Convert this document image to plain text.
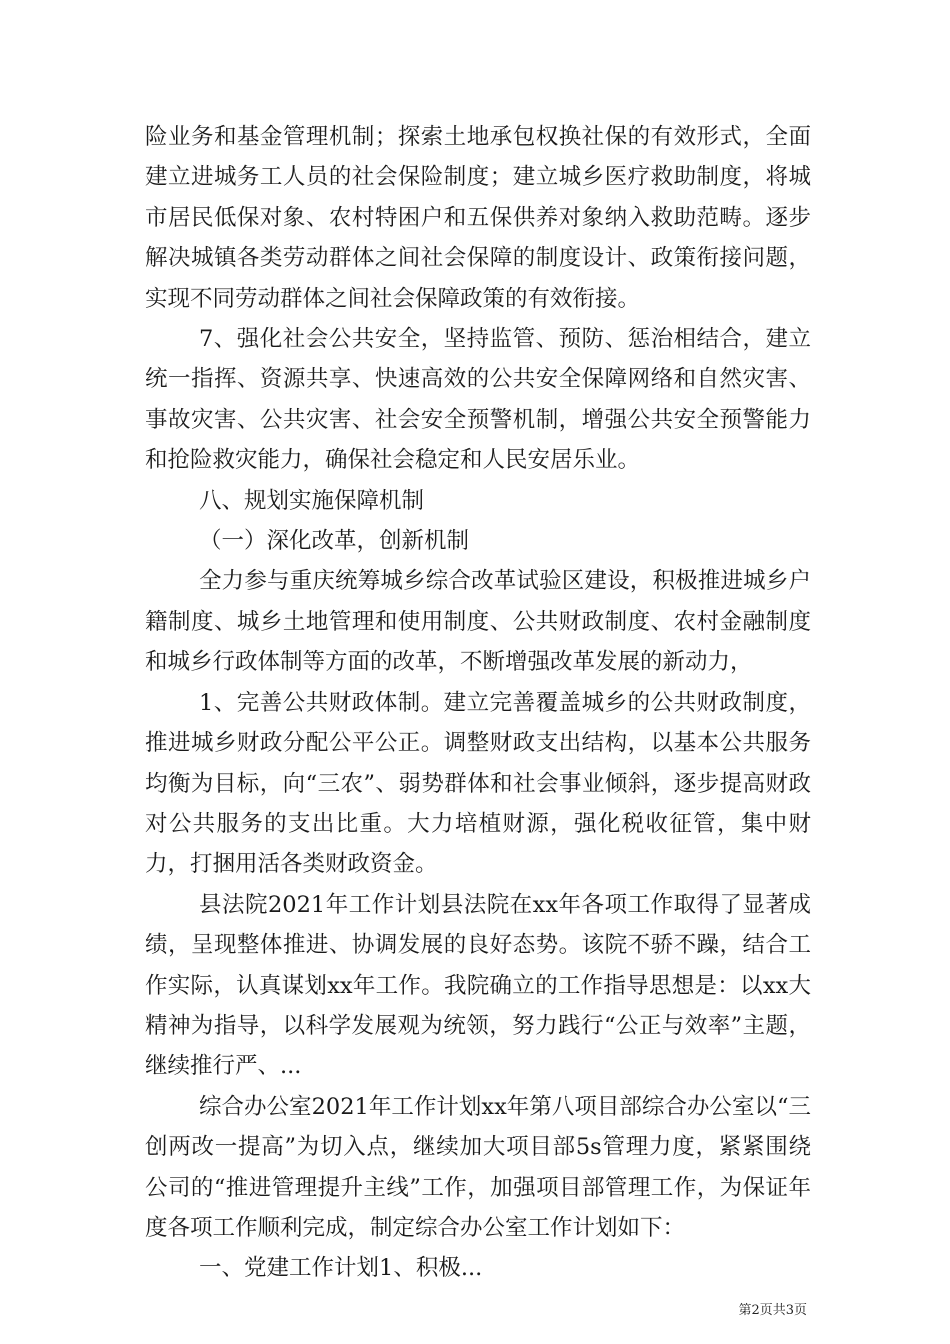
险业务和基金管理机制；探索土地承包权换社保的有效形式，全面建立进城务工人员的社会保险制度；建立城乡医疗救助制度，将城市居民低保对象、农村特困户和五保供养对象纳入救助范畴。逐步解决城镇各类劳动群体之间社会保障的制度设计、政策衔接问题，实现不同劳动群体之间社会保障政策的有效衔接。

7、强化社会公共安全，坚持监管、预防、惩治相结合，建立统一指挥、资源共享、快速高效的公共安全保障网络和自然灾害、事故灾害、公共灾害、社会安全预警机制，增强公共安全预警能力和抢险救灾能力，确保社会稳定和人民安居乐业。

八、规划实施保障机制

（一）深化改革，创新机制

全力参与重庆统筹城乡综合改革试验区建设，积极推进城乡户籍制度、城乡土地管理和使用制度、公共财政制度、农村金融制度和城乡行政体制等方面的改革，不断增强改革发展的新动力，

1、完善公共财政体制。建立完善覆盖城乡的公共财政制度，推进城乡财政分配公平公正。调整财政支出结构，以基本公共服务均衡为目标，向“三农”、弱势群体和社会事业倾斜，逐步提高财政对公共服务的支出比重。大力培植财源，强化税收征管，集中财力，打捆用活各类财政资金。

县法院2021年工作计划县法院在xx年各项工作取得了显著成绩，呈现整体推进、协调发展的良好态势。该院不骄不躁，结合工作实际，认真谋划xx年工作。我院确立的工作指导思想是：以xx大精神为指导，以科学发展观为统领，努力践行“公正与效率”主题，继续推行严、...

综合办公室2021年工作计划xx年第八项目部综合办公室以“三创两改一提高”为切入点，继续加大项目部5s管理力度，紧紧围绕公司的“推进管理提升主线”工作，加强项目部管理工作，为保证年度各项工作顺利完成，制定综合办公室工作计划如下：

一、党建工作计划1、积极...

第2页共3页
